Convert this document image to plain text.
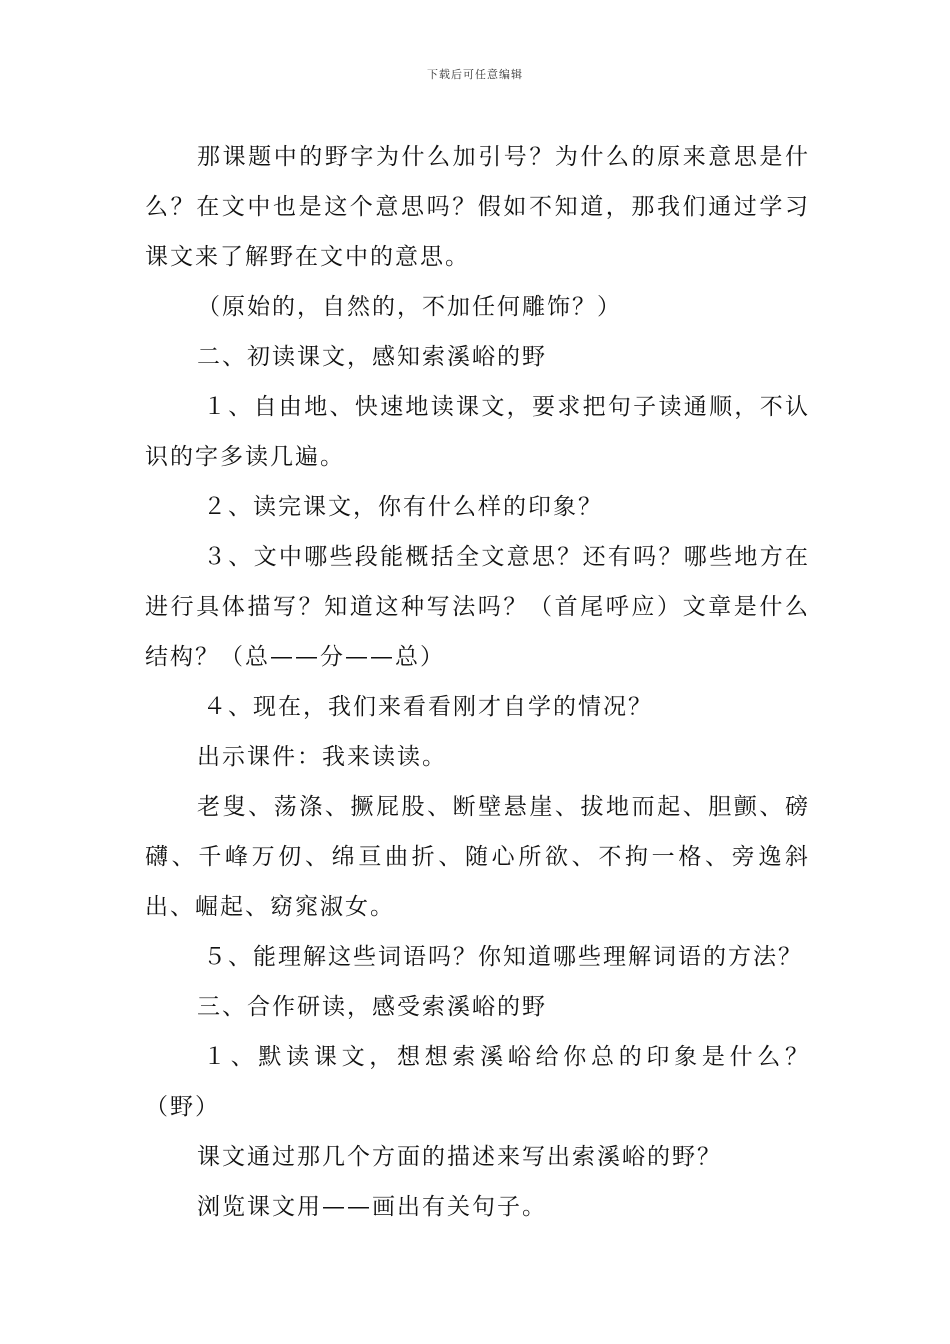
下载后可任意编辑

那课题中的野字为什么加引号？为什么的原来意思是什么？在文中也是这个意思吗？假如不知道，那我们通过学习课文来了解野在文中的意思。

（原始的，自然的，不加任何雕饰？）

二、初读课文，感知索溪峪的野

１、自由地、快速地读课文，要求把句子读通顺，不认识的字多读几遍。

２、读完课文，你有什么样的印象？

３、文中哪些段能概括全文意思？还有吗？哪些地方在进行具体描写？知道这种写法吗？（首尾呼应）文章是什么结构？（总——分——总）

４、现在，我们来看看刚才自学的情况？

出示课件：我来读读。

老叟、荡涤、撅屁股、断壁悬崖、拔地而起、胆颤、磅礴、千峰万仞、绵亘曲折、随心所欲、不拘一格、旁逸斜出、崛起、窈窕淑女。

５、能理解这些词语吗？你知道哪些理解词语的方法？

三、合作研读，感受索溪峪的野

１、默读课文，想想索溪峪给你总的印象是什么？（野）

课文通过那几个方面的描述来写出索溪峪的野？

浏览课文用——画出有关句子。
